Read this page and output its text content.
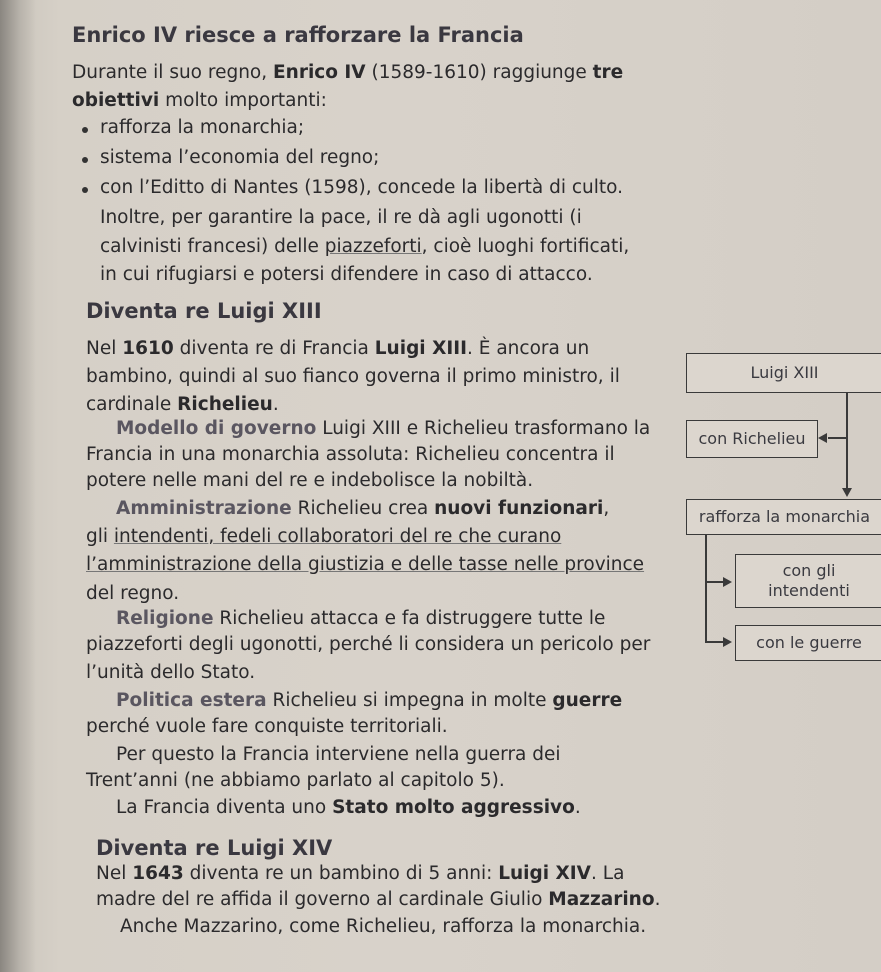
Enrico IV riesce a rafforzare la Francia
Durante il suo regno, Enrico IV (1589-1610) raggiunge tre
obiettivi molto importanti:
rafforza la monarchia;
sistema l’economia del regno;
con l’Editto di Nantes (1598), concede la libertà di culto.
Inoltre, per garantire la pace, il re dà agli ugonotti (i
calvinisti francesi) delle piazzeforti, cioè luoghi fortificati,
in cui rifugiarsi e potersi difendere in caso di attacco.
Diventa re Luigi XIII
Nel 1610 diventa re di Francia Luigi XIII. È ancora un
bambino, quindi al suo fianco governa il primo ministro, il
cardinale Richelieu.
Modello di governo Luigi XIII e Richelieu trasformano la
Francia in una monarchia assoluta: Richelieu concentra il
potere nelle mani del re e indebolisce la nobiltà.
Amministrazione Richelieu crea nuovi funzionari,
gli intendenti, fedeli collaboratori del re che curano
l’amministrazione della giustizia e delle tasse nelle province
del regno.
Religione Richelieu attacca e fa distruggere tutte le
piazzeforti degli ugonotti, perché li considera un pericolo per
l’unità dello Stato.
Politica estera Richelieu si impegna in molte guerre
perché vuole fare conquiste territoriali.
Per questo la Francia interviene nella guerra dei
Trent’anni (ne abbiamo parlato al capitolo 5).
La Francia diventa uno Stato molto aggressivo.
Luigi XIII
con Richelieu
rafforza la monarchia
con gli
intendenti
con le guerre
Diventa re Luigi XIV
Nel 1643 diventa re un bambino di 5 anni: Luigi XIV. La
madre del re affida il governo al cardinale Giulio Mazzarino.
Anche Mazzarino, come Richelieu, rafforza la monarchia.
